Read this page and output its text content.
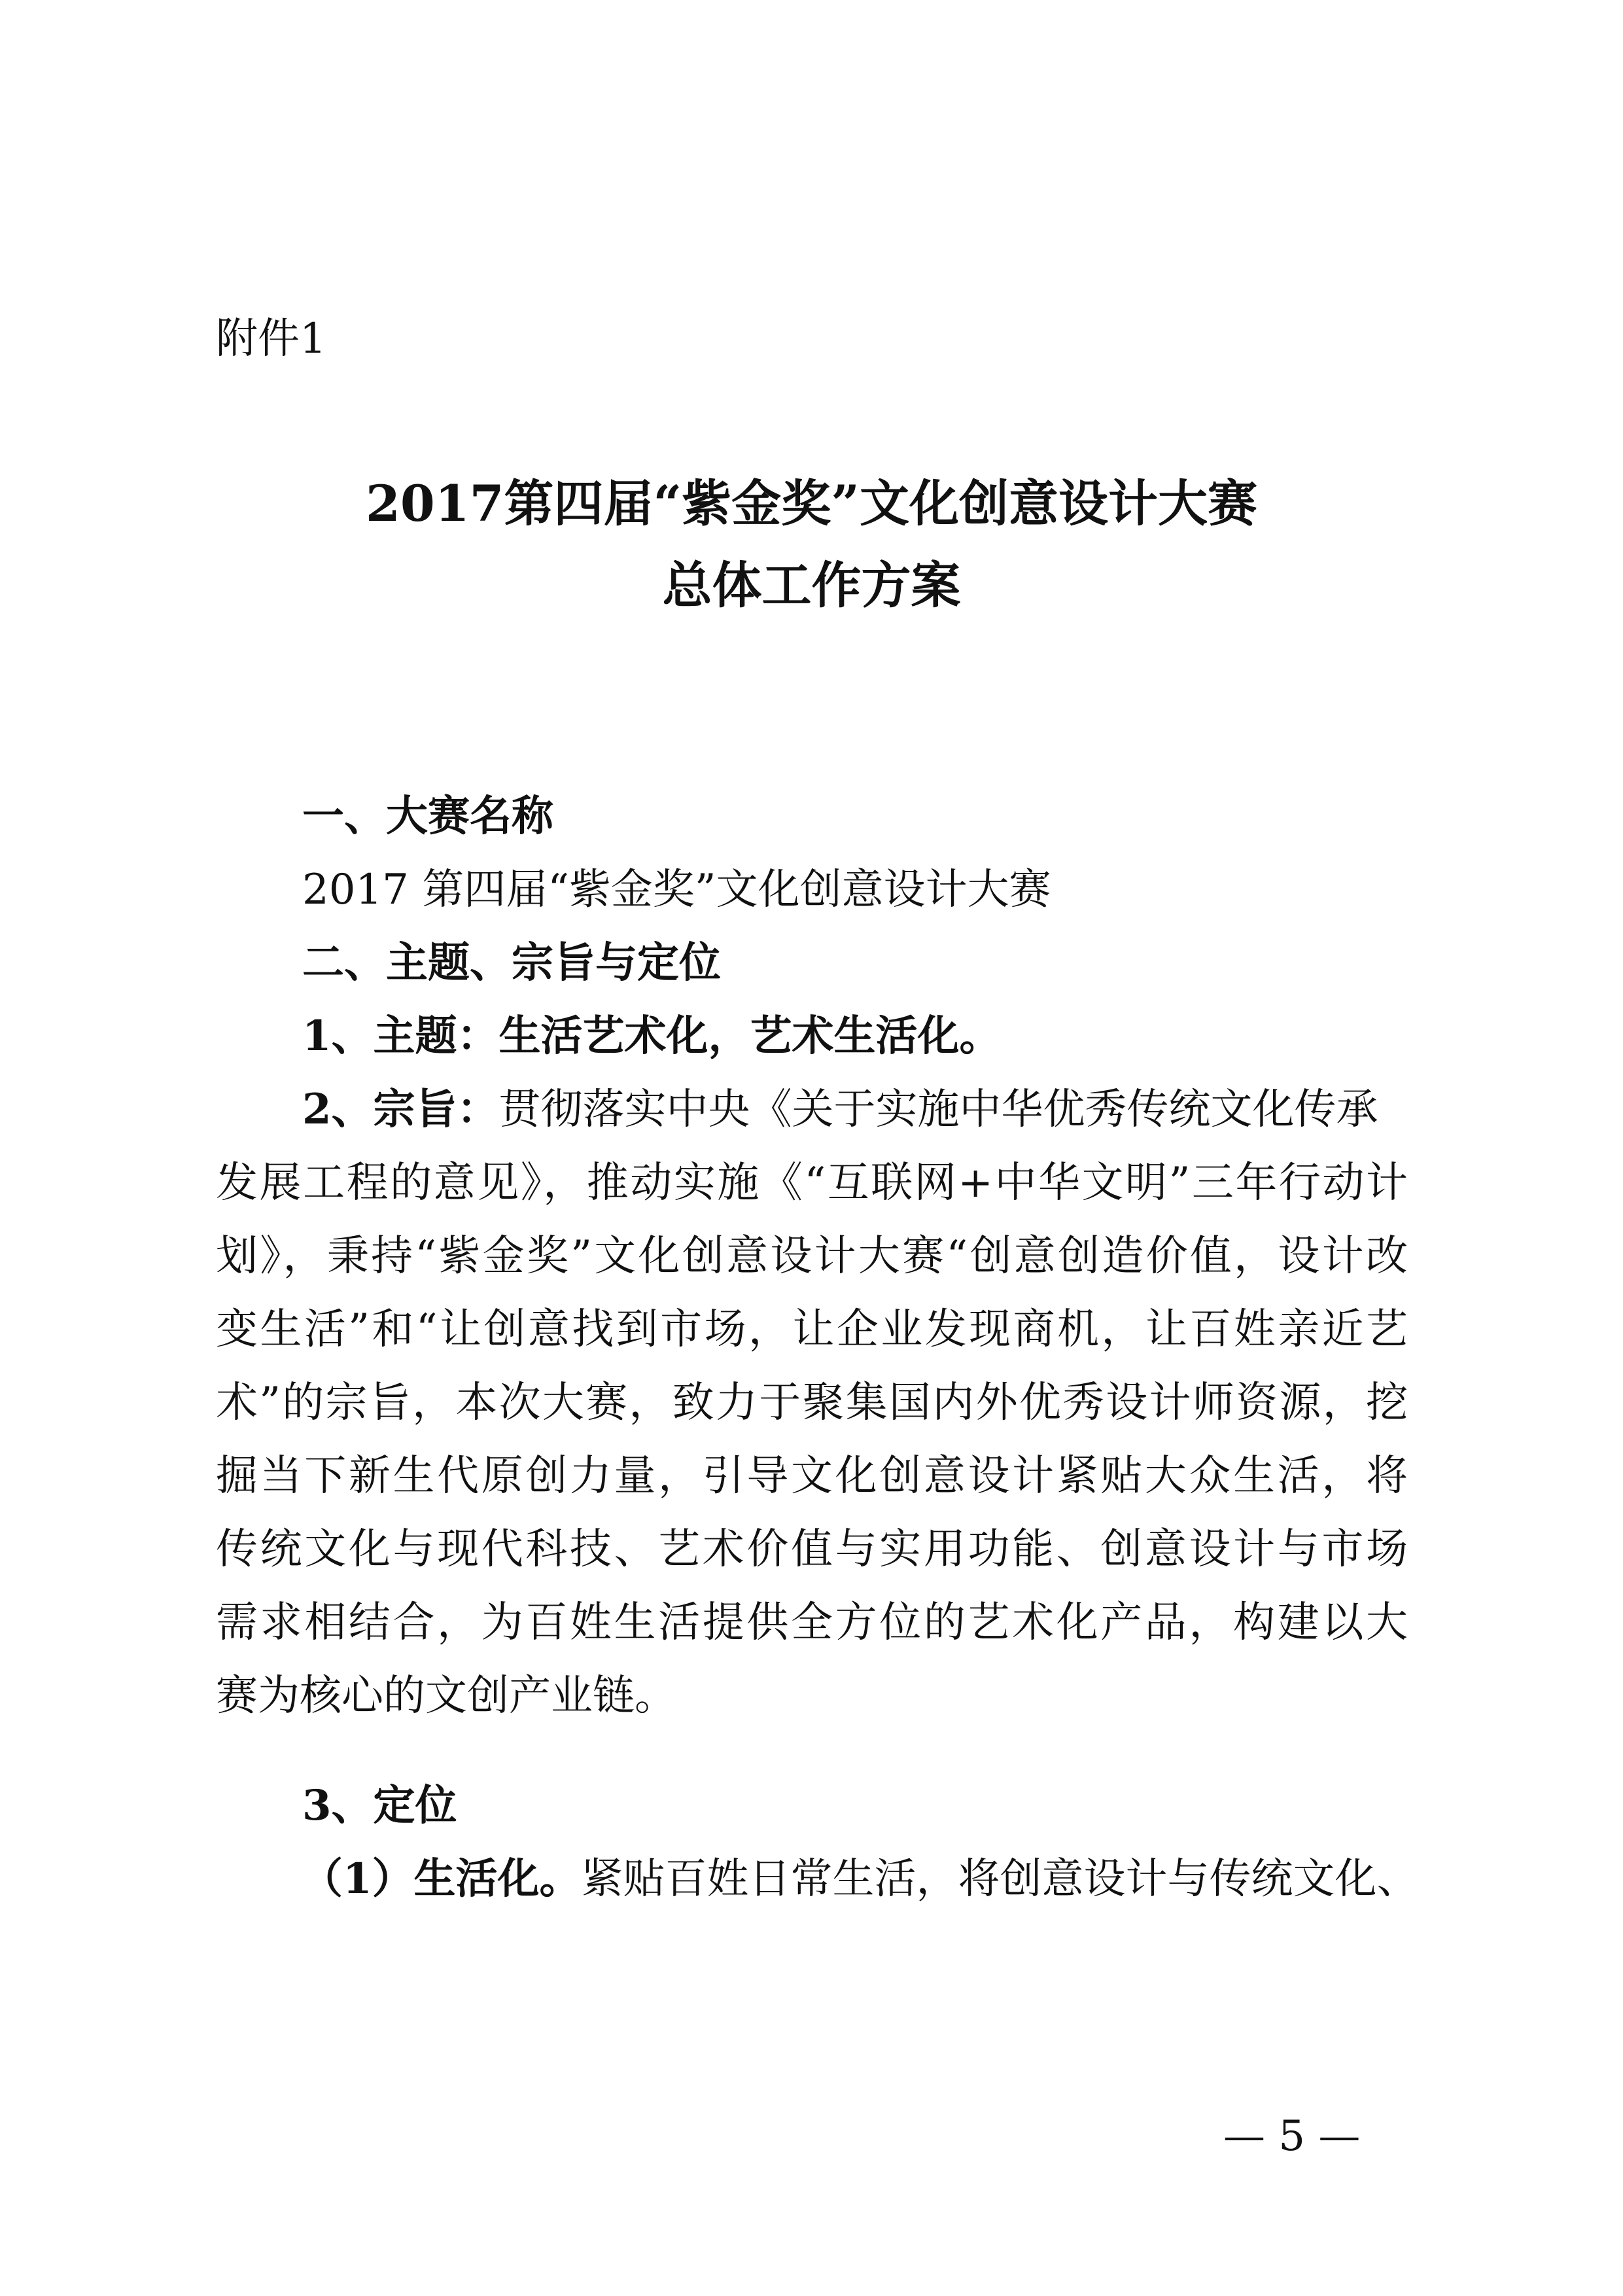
附件1
2017第四届“紫金奖”文化创意设计大赛
总体工作方案
一、大赛名称
2017 第四届“紫金奖”文化创意设计大赛
二、主题、宗旨与定位
1、主题：生活艺术化，艺术生活化。
2、宗旨：贯彻落实中央《关于实施中华优秀传统文化传承
发展工程的意见》，推动实施《“互联网+中华文明”三年行动计
划》，秉持“紫金奖”文化创意设计大赛“创意创造价值，设计改
变生活”和“让创意找到市场，让企业发现商机，让百姓亲近艺
术”的宗旨，本次大赛，致力于聚集国内外优秀设计师资源，挖
掘当下新生代原创力量，引导文化创意设计紧贴大众生活，将
传统文化与现代科技、艺术价值与实用功能、创意设计与市场
需求相结合，为百姓生活提供全方位的艺术化产品，构建以大
赛为核心的文创产业链。
3、定位
（1）生活化。紧贴百姓日常生活，将创意设计与传统文化、
— 5 —
